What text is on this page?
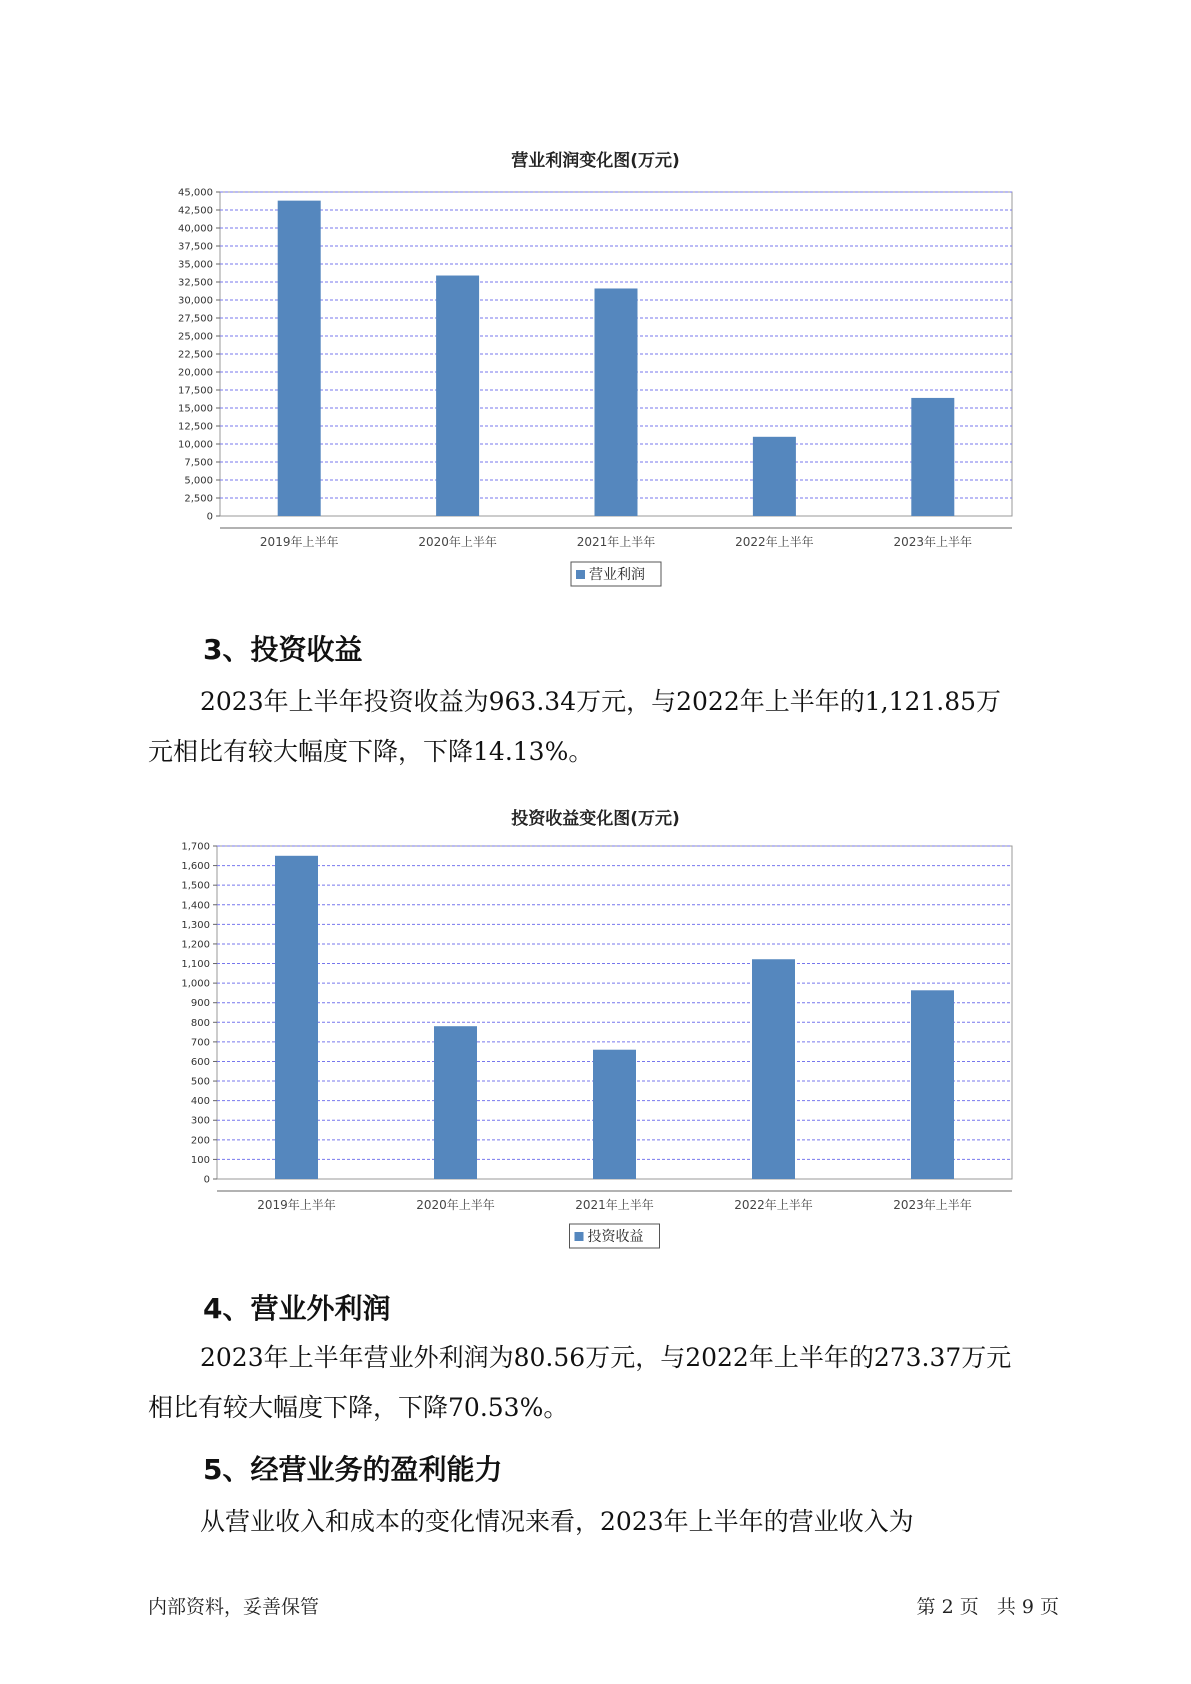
营业利润变化图(万元)
0
2,500
5,000
7,500
10,000
12,500
15,000
17,500
20,000
22,500
25,000
27,500
30,000
32,500
35,000
37,500
40,000
42,500
45,000
2019年上半年	2020年上半年	2021年上半年	2022年上半年	2023年上半年
营业利润
3、投资收益
2023年上半年投资收益为963.34万元，与2022年上半年的1,121.85万
元相比有较大幅度下降，下降14.13%。
投资收益变化图(万元)
0
100
200
300
400
500
600
700
800
900
1,000
1,100
1,200
1,300
1,400
1,500
1,600
1,700
2019年上半年	2020年上半年	2021年上半年	2022年上半年	2023年上半年
投资收益
4、营业外利润
2023年上半年营业外利润为80.56万元，与2022年上半年的273.37万元
相比有较大幅度下降，下降70.53%。
5、经营业务的盈利能力
从营业收入和成本的变化情况来看，2023年上半年的营业收入为
内部资料，妥善保管	第 2 页   共 9 页
